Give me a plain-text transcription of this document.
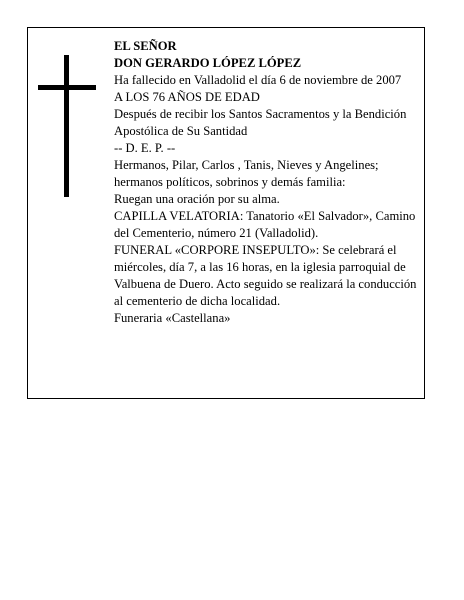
EL SEÑOR

DON GERARDO LÓPEZ LÓPEZ

Ha fallecido en Valladolid el día 6 de noviembre de 2007

A LOS 76 AÑOS DE EDAD

Después de recibir los Santos Sacramentos y la Bendición Apostólica de Su Santidad

-- D. E. P. --

Hermanos, Pilar, Carlos , Tanis, Nieves y Angelines; hermanos políticos, sobrinos y demás familia:

Ruegan una oración por su alma.

CAPILLA VELATORIA: Tanatorio «El Salvador», Camino del Cementerio, número 21 (Valladolid).

FUNERAL «CORPORE INSEPULTO»: Se celebrará el miércoles, día 7, a las 16 horas, en la iglesia parroquial de Valbuena de Duero. Acto seguido se realizará la conducción al cementerio de dicha localidad.

Funeraria «Castellana»
